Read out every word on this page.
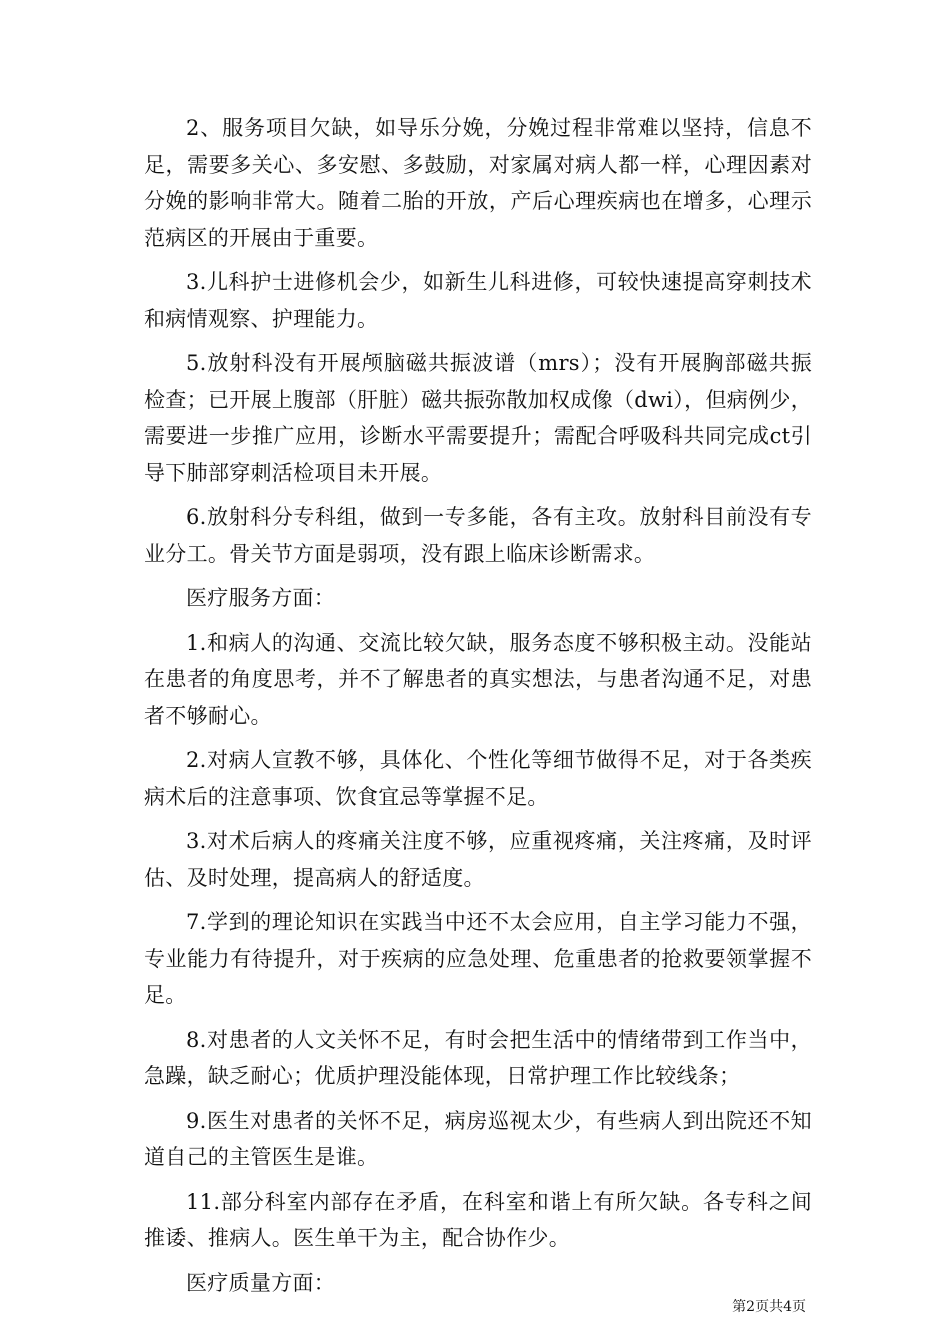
2、服务项目欠缺，如导乐分娩，分娩过程非常难以坚持，信息不足，需要多关心、多安慰、多鼓励，对家属对病人都一样，心理因素对分娩的影响非常大。随着二胎的开放，产后心理疾病也在增多，心理示范病区的开展由于重要。

3.儿科护士进修机会少，如新生儿科进修，可较快速提高穿刺技术和病情观察、护理能力。

5.放射科没有开展颅脑磁共振波谱（mrs）；没有开展胸部磁共振检查；已开展上腹部（肝脏）磁共振弥散加权成像（dwi），但病例少，需要进一步推广应用，诊断水平需要提升；需配合呼吸科共同完成ct引导下肺部穿刺活检项目未开展。

6.放射科分专科组，做到一专多能，各有主攻。放射科目前没有专业分工。骨关节方面是弱项，没有跟上临床诊断需求。

医疗服务方面：

1.和病人的沟通、交流比较欠缺，服务态度不够积极主动。没能站在患者的角度思考，并不了解患者的真实想法，与患者沟通不足，对患者不够耐心。

2.对病人宣教不够，具体化、个性化等细节做得不足，对于各类疾病术后的注意事项、饮食宜忌等掌握不足。

3.对术后病人的疼痛关注度不够，应重视疼痛，关注疼痛，及时评估、及时处理，提高病人的舒适度。

7.学到的理论知识在实践当中还不太会应用，自主学习能力不强，专业能力有待提升，对于疾病的应急处理、危重患者的抢救要领掌握不足。

8.对患者的人文关怀不足，有时会把生活中的情绪带到工作当中，急躁，缺乏耐心；优质护理没能体现，日常护理工作比较线条；

9.医生对患者的关怀不足，病房巡视太少，有些病人到出院还不知道自己的主管医生是谁。

11.部分科室内部存在矛盾，在科室和谐上有所欠缺。各专科之间推诿、推病人。医生单干为主，配合协作少。

医疗质量方面：

第2页共4页
